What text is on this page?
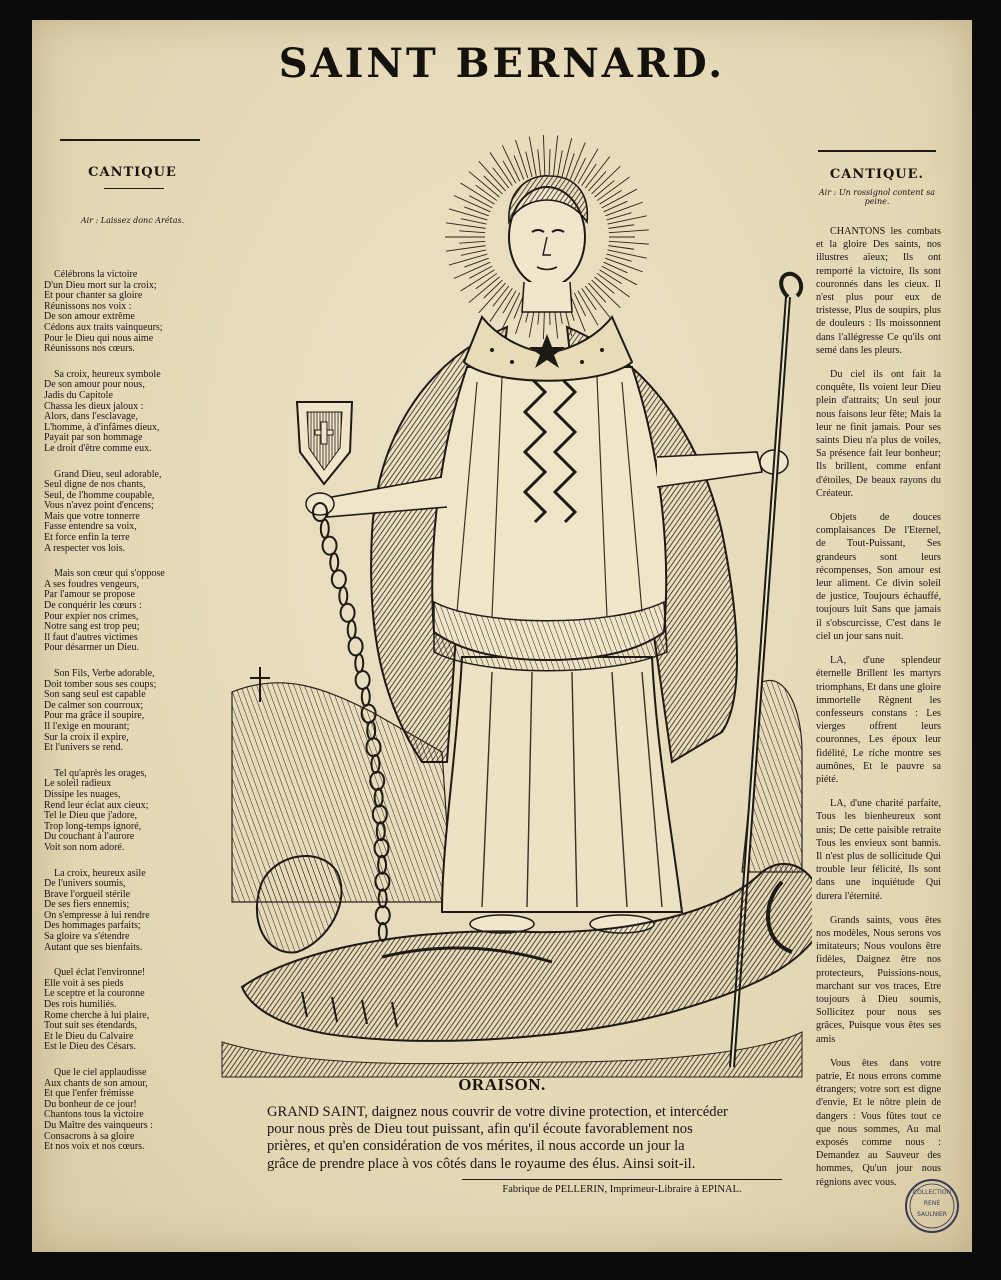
SAINT BERNARD.
CANTIQUE
Air : Laissez donc Arétas.
Célébrons la victoire
D'un Dieu mort sur la croix;
Et pour chanter sa gloire
Réunissons nos voix :
De son amour extrême
Cédons aux traits vainqueurs;
Pour le Dieu qui nous aime
Réunissons nos cœurs.
Sa croix, heureux symbole
De son amour pour nous,
Jadis du Capitole
Chassa les dieux jaloux :
Alors, dans l'esclavage,
L'homme, à d'infâmes dieux,
Payait par son hommage
Le droit d'être comme eux.
Grand Dieu, seul adorable,
Seul digne de nos chants,
Seul, de l'homme coupable,
Vous n'avez point d'encens;
Mais que votre tonnerre
Fasse entendre sa voix,
Et force enfin la terre
A respecter vos lois.
Mais son cœur qui s'oppose
A ses foudres vengeurs,
Par l'amour se propose
De conquérir les cœurs :
Pour expier nos crimes,
Notre sang est trop peu;
Il faut d'autres victimes
Pour désarmer un Dieu.
Son Fils, Verbe adorable,
Doit tomber sous ses coups;
Son sang seul est capable
De calmer son courroux;
Pour ma grâce il soupire,
Il l'exige en mourant;
Sur la croix il expire,
Et l'univers se rend.
Tel qu'après les orages,
Le soleil radieux
Dissipe les nuages,
Rend leur éclat aux cieux;
Tel le Dieu que j'adore,
Trop long-temps ignoré,
Du couchant à l'aurore
Voit son nom adoré.
La croix, heureux asile
De l'univers soumis,
Brave l'orgueil stérile
De ses fiers ennemis;
On s'empresse à lui rendre
Des hommages parfaits;
Sa gloire va s'étendre
Autant que ses bienfaits.
Quel éclat l'environne!
Elle voit à ses pieds
Le sceptre et la couronne
Des rois humiliés.
Rome cherche à lui plaire,
Tout suit ses étendards,
Et le Dieu du Calvaire
Est le Dieu des Césars.
Que le ciel applaudisse
Aux chants de son amour,
Et que l'enfer frémisse
Du bonheur de ce jour!
Chantons tous la victoire
Du Maître des vainqueurs :
Consacrons à sa gloire
Et nos voix et nos cœurs.
CANTIQUE.
Air : Un rossignol content sa peine.

CHANTONS les combats et la gloire Des saints, nos illustres aïeux; Ils ont remporté la victoire, Ils sont couronnés dans les cieux. Il n'est plus pour eux de tristesse, Plus de soupirs, plus de douleurs : Ils moissonnent dans l'allégresse Ce qu'ils ont semé dans les pleurs.

Du ciel ils ont fait la conquête, Ils voient leur Dieu plein d'attraits; Un seul jour nous faisons leur fête; Mais la leur ne finit jamais. Pour ses saints Dieu n'a plus de voiles, Sa présence fait leur bonheur; Ils brillent, comme enfant d'étoiles, De beaux rayons du Créateur.

Objets de douces complaisances De l'Eternel, de Tout-Puissant, Ses grandeurs sont leurs récompenses, Son amour est leur aliment. Ce divin soleil de justice, Toujours échauffé, toujours luit Sans que jamais il s'obscurcisse, C'est dans le ciel un jour sans nuit.

LA, d'une splendeur éternelle Brillent les martyrs triomphans, Et dans une gloire immortelle Règnent les confesseurs constans : Les vierges offrent leurs couronnes, Les époux leur fidélité, Le riche montre ses aumônes, Et le pauvre sa piété.

LA, d'une charité parfaite, Tous les bienheureux sont unis; De cette paisible retraite Tous les envieux sont bannis. Il n'est plus de sollicitude Qui trouble leur félicité, Ils sont dans une inquiétude Qui durera l'éternité.

Grands saints, vous êtes nos modèles, Nous serons vos imitateurs; Nous voulons être fidèles, Daignez être nos protecteurs, Puissions-nous, marchant sur vos traces, Etre toujours à Dieu soumis, Sollicitez pour nous ses grâces, Puisque vous êtes ses amis

Vous êtes dans votre patrie, Et nous errons comme étrangers; votre sort est digne d'envie, Et le nôtre plein de dangers : Vous fûtes tout ce que nous sommes, Au mal exposés comme nous : Demandez au Sauveur des hommes, Qu'un jour nous régnions avec vous.

ORAISON.
GRAND SAINT, daignez nous couvrir de votre divine protection, et intercéder
pour nous près de Dieu tout puissant, afin qu'il écoute favorablement nos
prières, et qu'en considération de vos mérites, il nous accorde un jour la
grâce de prendre place à vos côtés dans le royaume des élus. Ainsi soit-il.
Fabrique de PELLERIN, Imprimeur-Libraire à EPINAL.	COLLECTION
RENÉ
SAULNIER
